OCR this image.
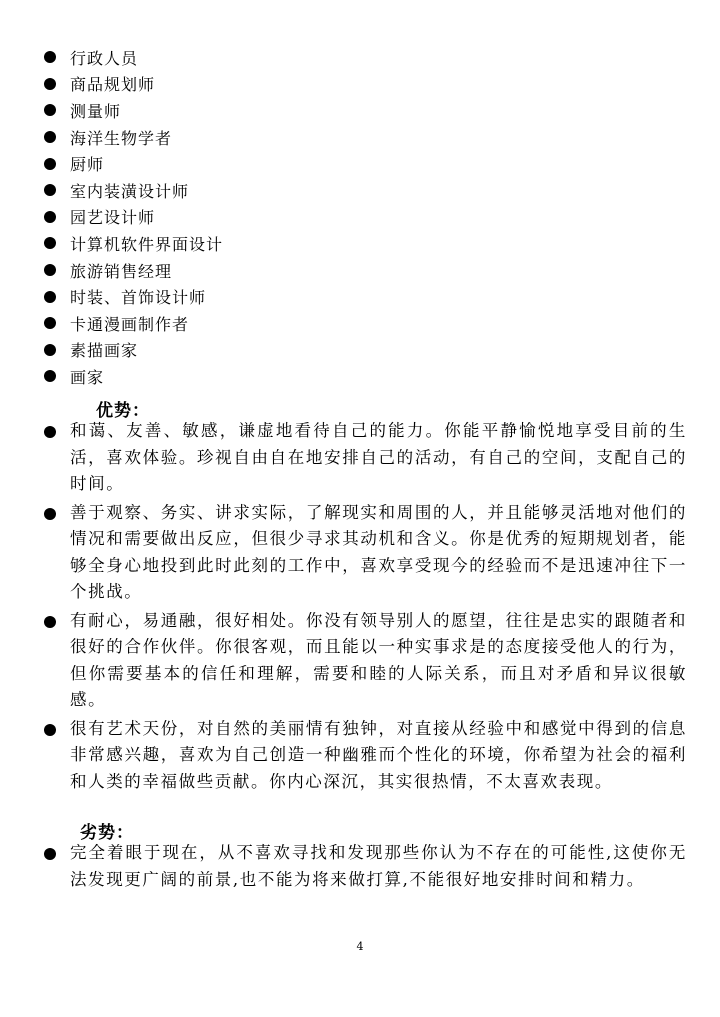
行政人员
商品规划师
测量师
海洋生物学者
厨师
室内装潢设计师
园艺设计师
计算机软件界面设计
旅游销售经理
时装、首饰设计师
卡通漫画制作者
素描画家
画家
优势：
和蔼、友善、敏感，谦虚地看待自己的能力。你能平静愉悦地享受目前的生活，喜欢体验。珍视自由自在地安排自己的活动，有自己的空间，支配自己的时间。
善于观察、务实、讲求实际，了解现实和周围的人，并且能够灵活地对他们的情况和需要做出反应，但很少寻求其动机和含义。你是优秀的短期规划者，能够全身心地投到此时此刻的工作中，喜欢享受现今的经验而不是迅速冲往下一个挑战。
有耐心，易通融，很好相处。你没有领导别人的愿望，往往是忠实的跟随者和很好的合作伙伴。你很客观，而且能以一种实事求是的态度接受他人的行为，但你需要基本的信任和理解，需要和睦的人际关系，而且对矛盾和异议很敏感。
很有艺术天份，对自然的美丽情有独钟，对直接从经验中和感觉中得到的信息非常感兴趣，喜欢为自己创造一种幽雅而个性化的环境，你希望为社会的福利和人类的幸福做些贡献。你内心深沉，其实很热情，不太喜欢表现。
劣势：
完全着眼于现在，从不喜欢寻找和发现那些你认为不存在的可能性,这使你无法发现更广阔的前景,也不能为将来做打算,不能很好地安排时间和精力。
4
